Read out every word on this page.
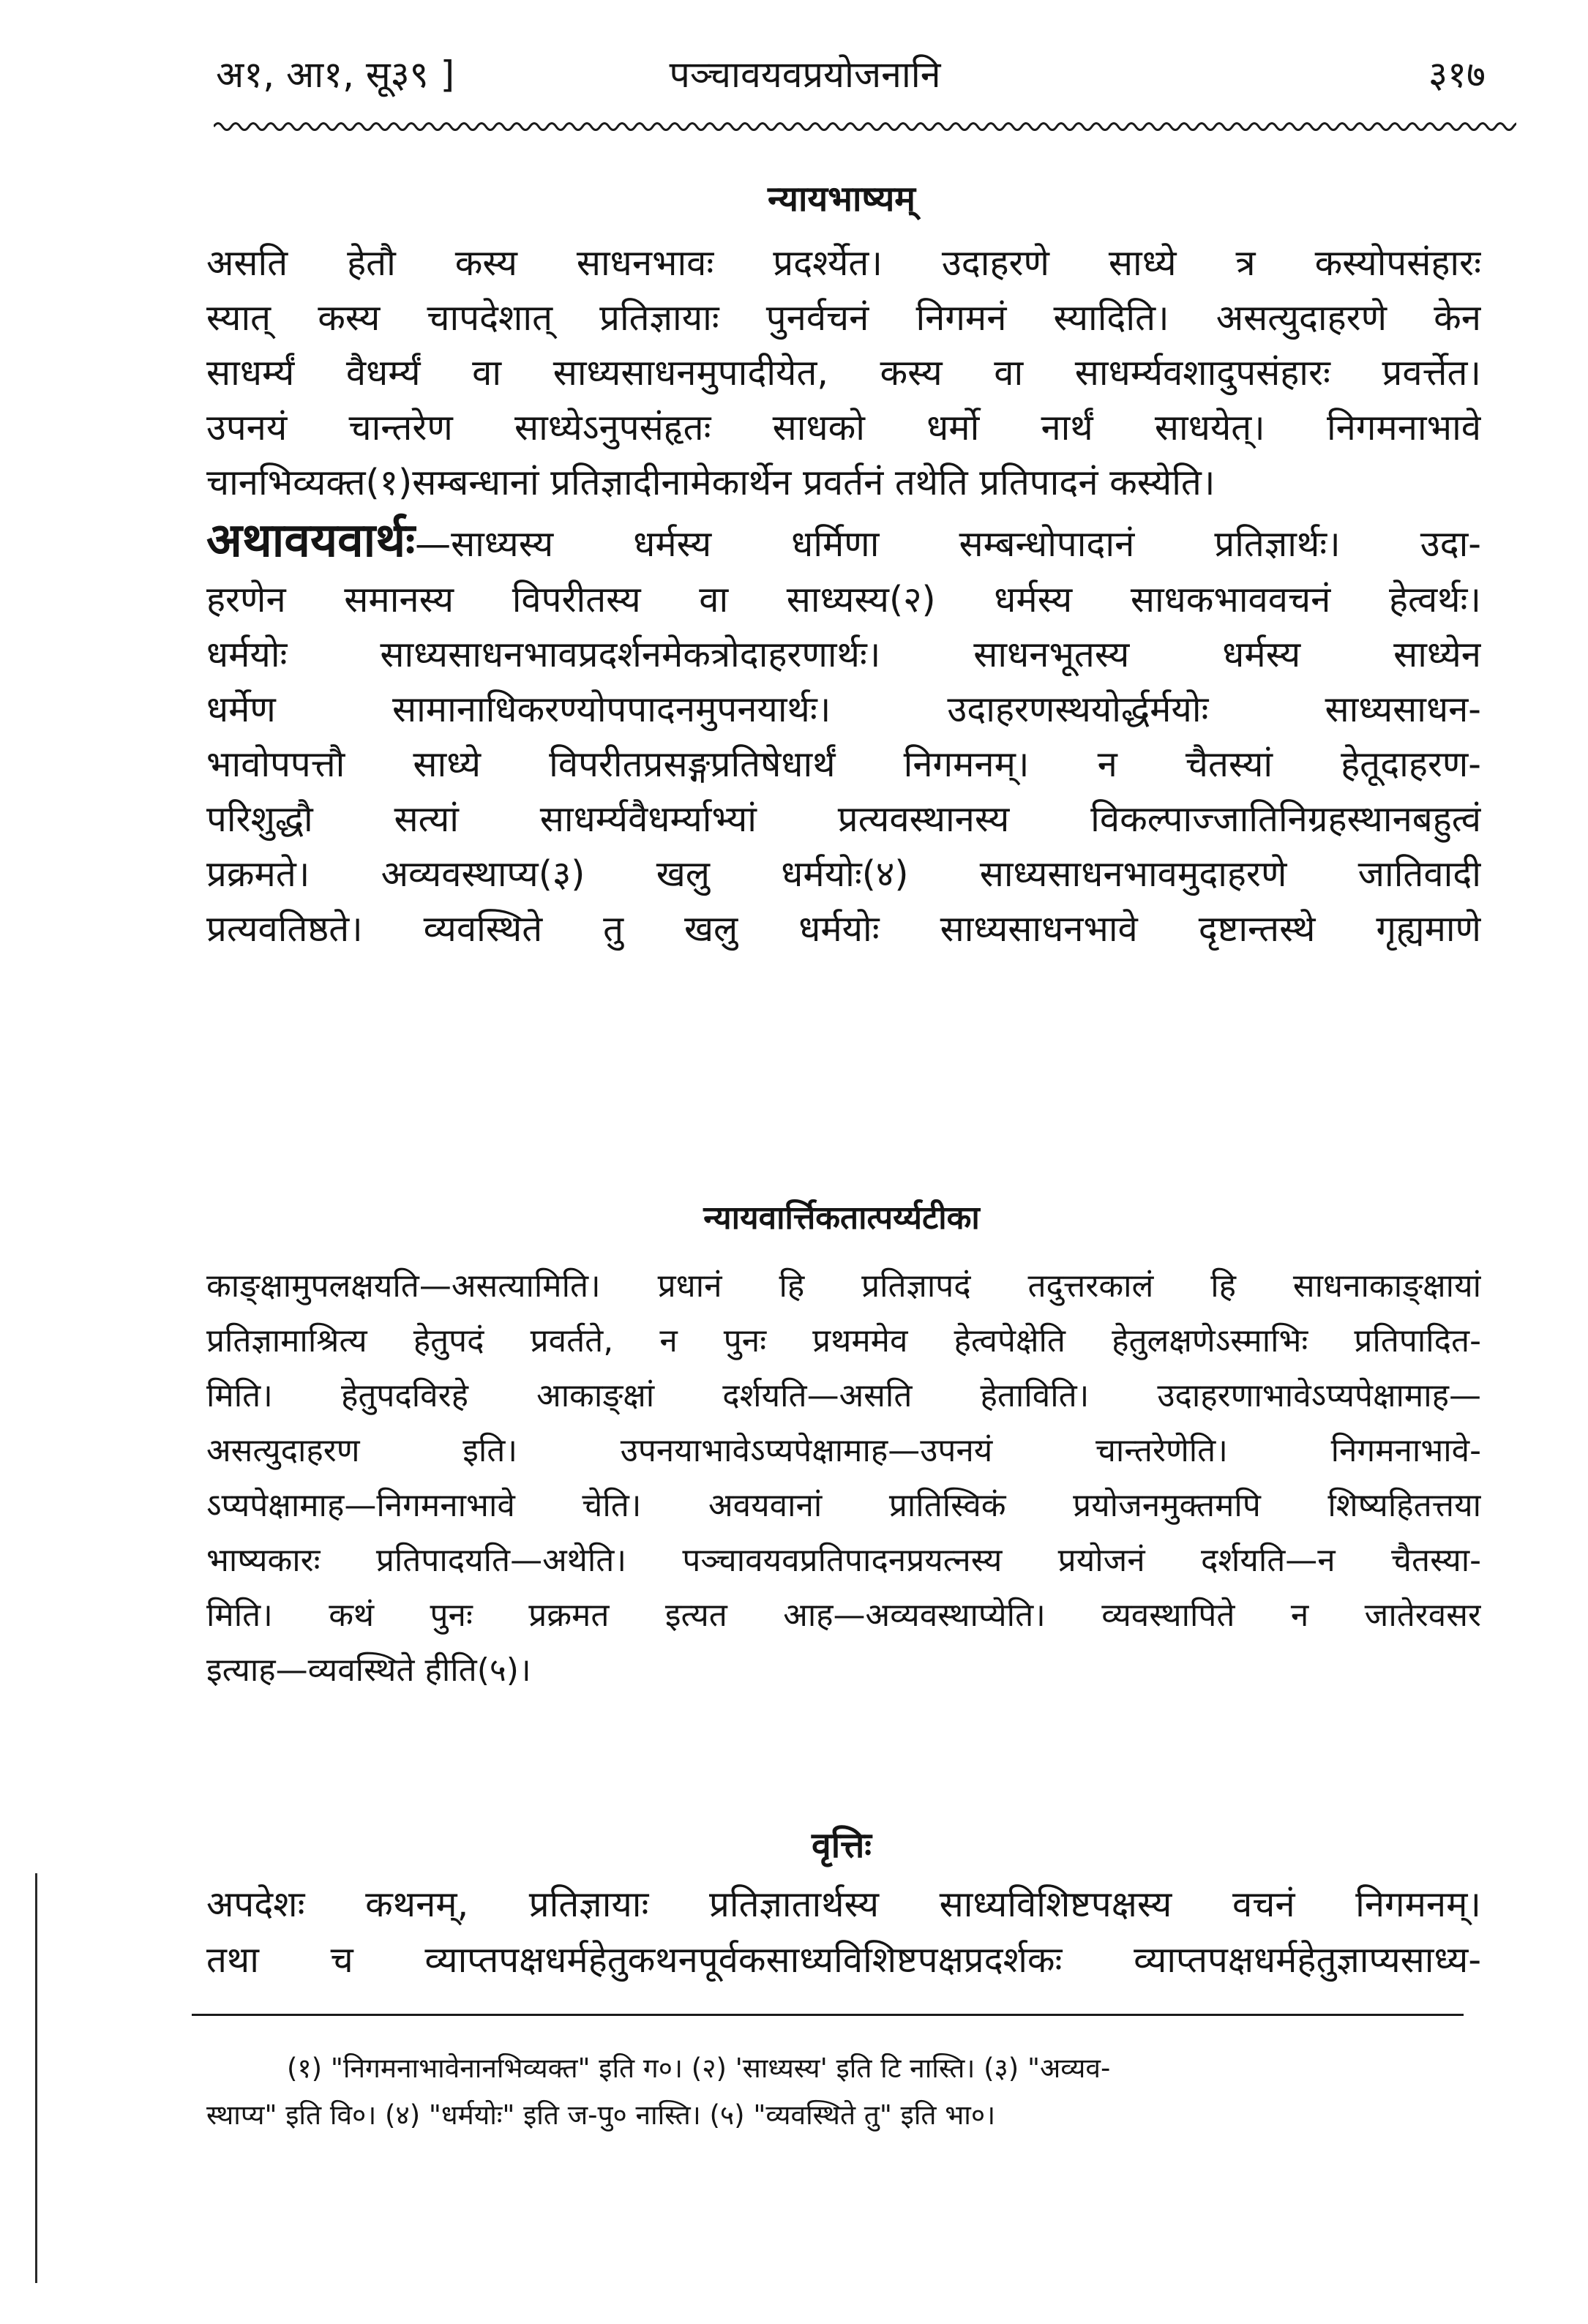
अ१, आ१, सू३९ ]	पञ्चावयवप्रयोजनानि	३१७
न्यायभाष्यम्
असति हेतौ कस्य साधनभावः प्रदर्श्येत। उदाहरणे साध्ये त्र कस्योपसंहारः
स्यात् कस्य चापदेशात् प्रतिज्ञायाः पुनर्वचनं निगमनं स्यादिति। असत्युदाहरणे केन
साधर्म्यं वैधर्म्यं वा साध्यसाधनमुपादीयेत, कस्य वा साधर्म्यवशादुपसंहारः प्रवर्त्तेत।
उपनयं चान्तरेण साध्येऽनुपसंहृतः साधको धर्मो नार्थं साधयेत्। निगमनाभावे
चानभिव्यक्त(१)सम्बन्धानां प्रतिज्ञादीनामेकार्थेन प्रवर्तनं तथेति प्रतिपादनं कस्येति।
अथावयवार्थः—साध्यस्य धर्मस्य धर्मिणा सम्बन्धोपादानं प्रतिज्ञार्थः। उदा-
हरणेन समानस्य विपरीतस्य वा साध्यस्य(२) धर्मस्य साधकभाववचनं हेत्वर्थः।
धर्मयोः साध्यसाधनभावप्रदर्शनमेकत्रोदाहरणार्थः। साधनभूतस्य धर्मस्य साध्येन
धर्मेण सामानाधिकरण्योपपादनमुपनयार्थः। उदाहरणस्थयोर्द्धर्मयोः साध्यसाधन-
भावोपपत्तौ साध्ये विपरीतप्रसङ्गप्रतिषेधार्थं निगमनम्। न चैतस्यां हेतूदाहरण-
परिशुद्धौ सत्यां साधर्म्यवैधर्म्याभ्यां प्रत्यवस्थानस्य विकल्पाज्जातिनिग्रहस्थानबहुत्वं
प्रक्रमते। अव्यवस्थाप्य(३) खलु धर्मयोः(४) साध्यसाधनभावमुदाहरणे जातिवादी
प्रत्यवतिष्ठते। व्यवस्थिते तु खलु धर्मयोः साध्यसाधनभावे दृष्टान्तस्थे गृह्यमाणे
न्यायवार्त्तिकतात्पर्य्यटीका
काङ्क्षामुपलक्षयति—असत्यामिति। प्रधानं हि प्रतिज्ञापदं तदुत्तरकालं हि साधनाकाङ्क्षायां
प्रतिज्ञामाश्रित्य हेतुपदं प्रवर्तते, न पुनः प्रथममेव हेत्वपेक्षेति हेतुलक्षणेऽस्माभिः प्रतिपादित-
मिति। हेतुपदविरहे आकाङ्क्षां दर्शयति—असति हेताविति। उदाहरणाभावेऽप्यपेक्षामाह—
असत्युदाहरण इति। उपनयाभावेऽप्यपेक्षामाह—उपनयं चान्तरेणेति। निगमनाभावे-
ऽप्यपेक्षामाह—निगमनाभावे चेति। अवयवानां प्रातिस्विकं प्रयोजनमुक्तमपि शिष्यहितत्तया
भाष्यकारः प्रतिपादयति—अथेति। पञ्चावयवप्रतिपादनप्रयत्नस्य प्रयोजनं दर्शयति—न चैतस्या-
मिति। कथं पुनः प्रक्रमत इत्यत आह—अव्यवस्थाप्येति। व्यवस्थापिते न जातेरवसर
इत्याह—व्यवस्थिते हीति(५)।
वृत्तिः
अपदेशः कथनम्, प्रतिज्ञायाः प्रतिज्ञातार्थस्य साध्यविशिष्टपक्षस्य वचनं निगमनम्।
तथा च व्याप्तपक्षधर्महेतुकथनपूर्वकसाध्यविशिष्टपक्षप्रदर्शकः व्याप्तपक्षधर्महेतुज्ञाप्यसाध्य-
(१) "निगमनाभावेनानभिव्यक्त" इति ग०। (२) 'साध्यस्य' इति टि नास्ति। (३) "अव्यव-
स्थाप्य" इति वि०। (४) "धर्मयोः" इति ज-पु० नास्ति। (५) "व्यवस्थिते तु" इति भा०।
